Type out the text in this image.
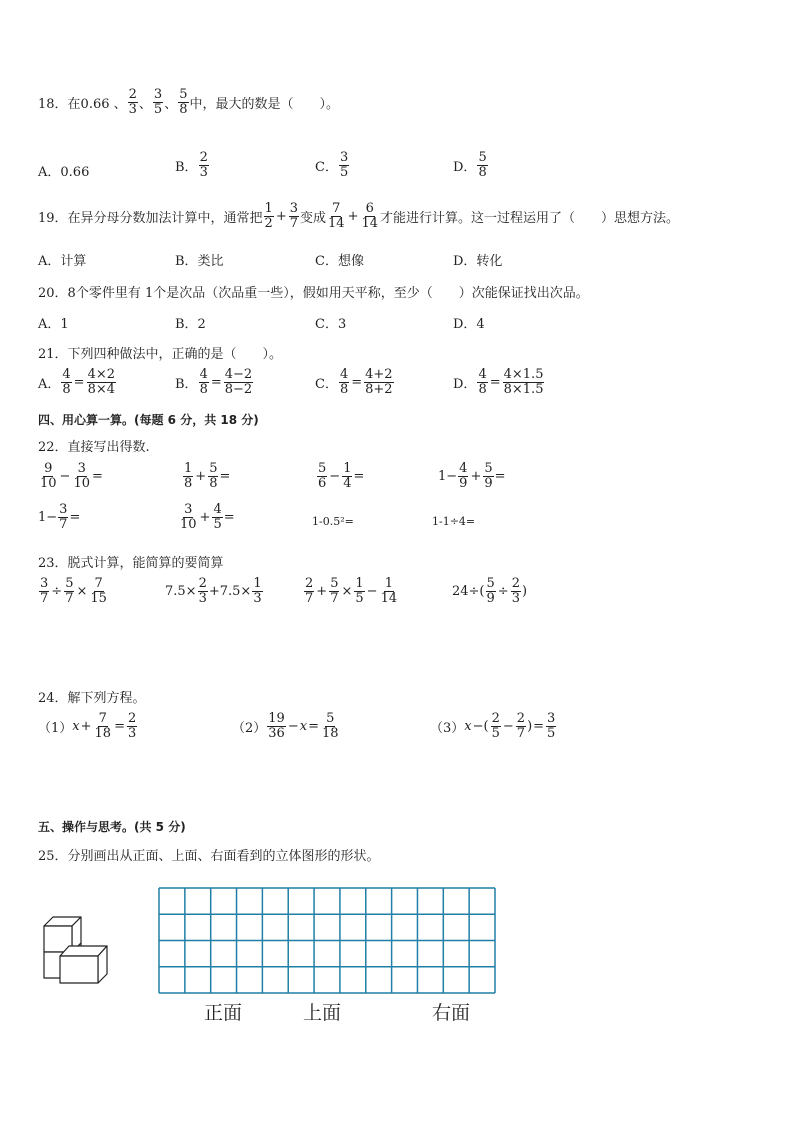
18．在0.66 、 $\frac{2}{3}$ 、 $\frac{3}{5}$ 、 $\frac{5}{8}$ 中，最大的数是（　　）。
A．0.66	B． $\frac{2}{3}$	C． $\frac{3}{5}$	D． $\frac{5}{8}$
19．在异分母分数加法计算中，通常把 $\frac{1}{2} + \frac{3}{7}$ 变成 $\frac{7}{14} + \frac{6}{14}$ 才能进行计算。这一过程运用了（　　）思想方法。
A．计算	B．类比	C．想像	D．转化
20．8个零件里有 1个是次品（次品重一些），假如用天平称，至少（　　）次能保证找出次品。
A．1	B．2	C．3	D．4
21．下列四种做法中，正确的是（　　）。
A． $\frac{4}{8} = \frac{4\times 2}{8\times 4}$	B． $\frac{4}{8} = \frac{4-2}{8-2}$	C． $\frac{4}{8} = \frac{4+2}{8+2}$	D． $\frac{4}{8} = \frac{4\times 1.5}{8\times 1.5}$
四、用心算一算。(每题 6 分，共 18 分)
22．直接写出得数.
$\frac{9}{10} - \frac{3}{10}$ =	$\frac{1}{8} + \frac{5}{8}$ =	$\frac{5}{6} - \frac{1}{4}$ =	$1- \frac{4}{9} + \frac{5}{9}$ =
$1- \frac{3}{7}$ =	$\frac{3}{10} + \frac{4}{5}$ =	1-0.5²=	1-1÷4=
23．脱式计算，能简算的要简算
$\frac{3}{7} \div \frac{5}{7} \times \frac{7}{15}$	$7.5\times \frac{2}{3} +7.5\times \frac{1}{3}$	$\frac{2}{7} + \frac{5}{7} \times \frac{1}{5} - \frac{1}{14}$	$24\div( \frac{5}{9} \div \frac{2}{3}$ )
24．解下列方程。
（1） $x + \frac{7}{18} = \frac{2}{3}$	$(2) \frac{19}{36} - x = \frac{5}{18}$	（3） x −( $\frac{2}{5} - \frac{2}{7}$ ) = $\frac{3}{5}$
五、操作与思考。(共 5 分)
25．分别画出从正面、上面、右面看到的立体图形的形状。
正面	上面	右面
